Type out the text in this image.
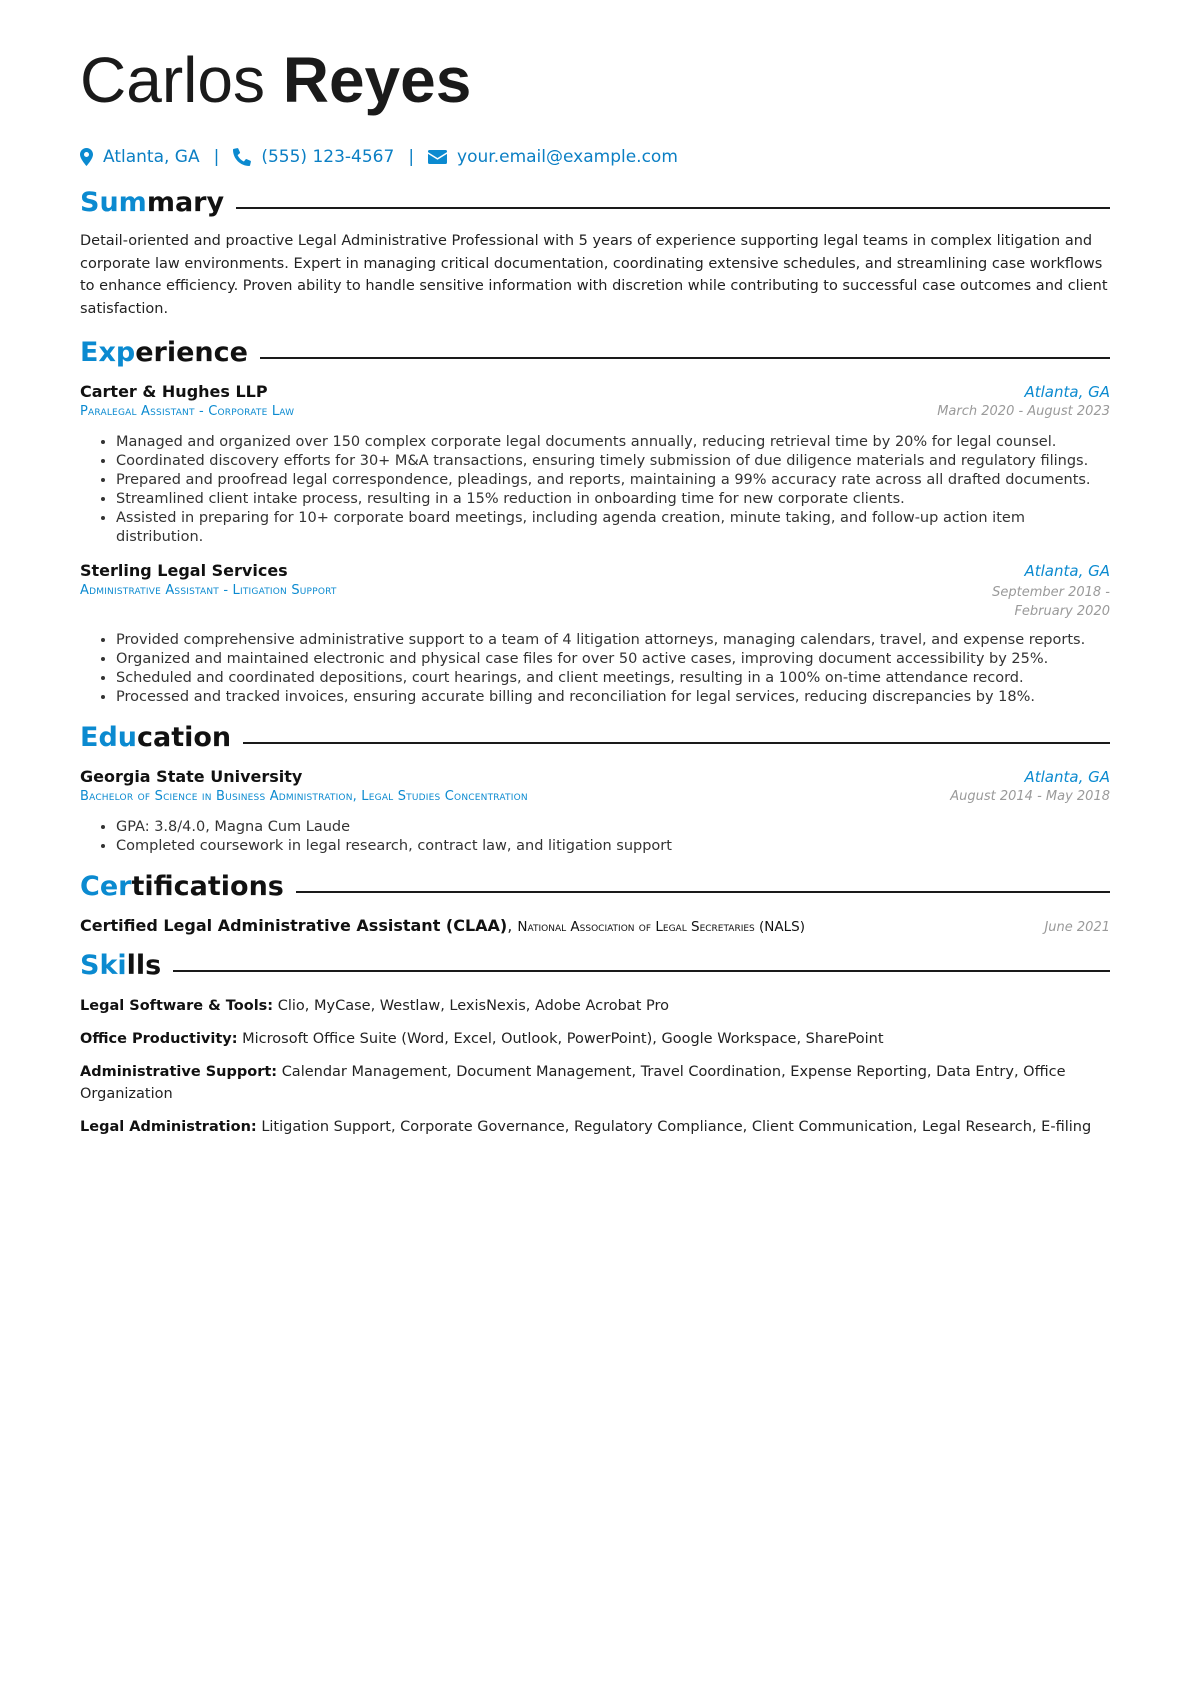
Carlos Reyes
Atlanta, GA | (555) 123-4567 |	your.email@example.com
Summary
Detail-oriented and proactive Legal Administrative Professional with 5 years of experience supporting legal teams in complex litigation and corporate law environments. Expert in managing critical documentation, coordinating extensive schedules, and streamlining case workflows to enhance efficiency. Proven ability to handle sensitive information with discretion while contributing to successful case outcomes and client satisfaction.
Experience
Carter & Hughes LLP	Atlanta, GA
Paralegal Assistant - Corporate Law	March 2020 - August 2023
• Managed and organized over 150 complex corporate legal documents annually, reducing retrieval time by 20% for legal counsel.
• Coordinated discovery efforts for 30+ M&A transactions, ensuring timely submission of due diligence materials and regulatory filings.
• Prepared and proofread legal correspondence, pleadings, and reports, maintaining a 99% accuracy rate across all drafted documents.
• Streamlined client intake process, resulting in a 15% reduction in onboarding time for new corporate clients.
• Assisted in preparing for 10+ corporate board meetings, including agenda creation, minute taking, and follow-up action item distribution.
Sterling Legal Services	Atlanta, GA
Administrative Assistant - Litigation Support	September 2018 - February 2020
• Provided comprehensive administrative support to a team of 4 litigation attorneys, managing calendars, travel, and expense reports.
• Organized and maintained electronic and physical case files for over 50 active cases, improving document accessibility by 25%.
• Scheduled and coordinated depositions, court hearings, and client meetings, resulting in a 100% on-time attendance record.
• Processed and tracked invoices, ensuring accurate billing and reconciliation for legal services, reducing discrepancies by 18%.
Education
Georgia State University	Atlanta, GA
Bachelor of Science in Business Administration, Legal Studies Concentration	August 2014 - May 2018
• GPA: 3.8/4.0, Magna Cum Laude
• Completed coursework in legal research, contract law, and litigation support
Certifications
Certified Legal Administrative Assistant (CLAA), National Association of Legal Secretaries (NALS)	June 2021
Skills
Legal Software & Tools: Clio, MyCase, Westlaw, LexisNexis, Adobe Acrobat Pro
Office Productivity: Microsoft Office Suite (Word, Excel, Outlook, PowerPoint), Google Workspace, SharePoint
Administrative Support: Calendar Management, Document Management, Travel Coordination, Expense Reporting, Data Entry, Office Organization
Legal Administration: Litigation Support, Corporate Governance, Regulatory Compliance, Client Communication, Legal Research, E-filing
